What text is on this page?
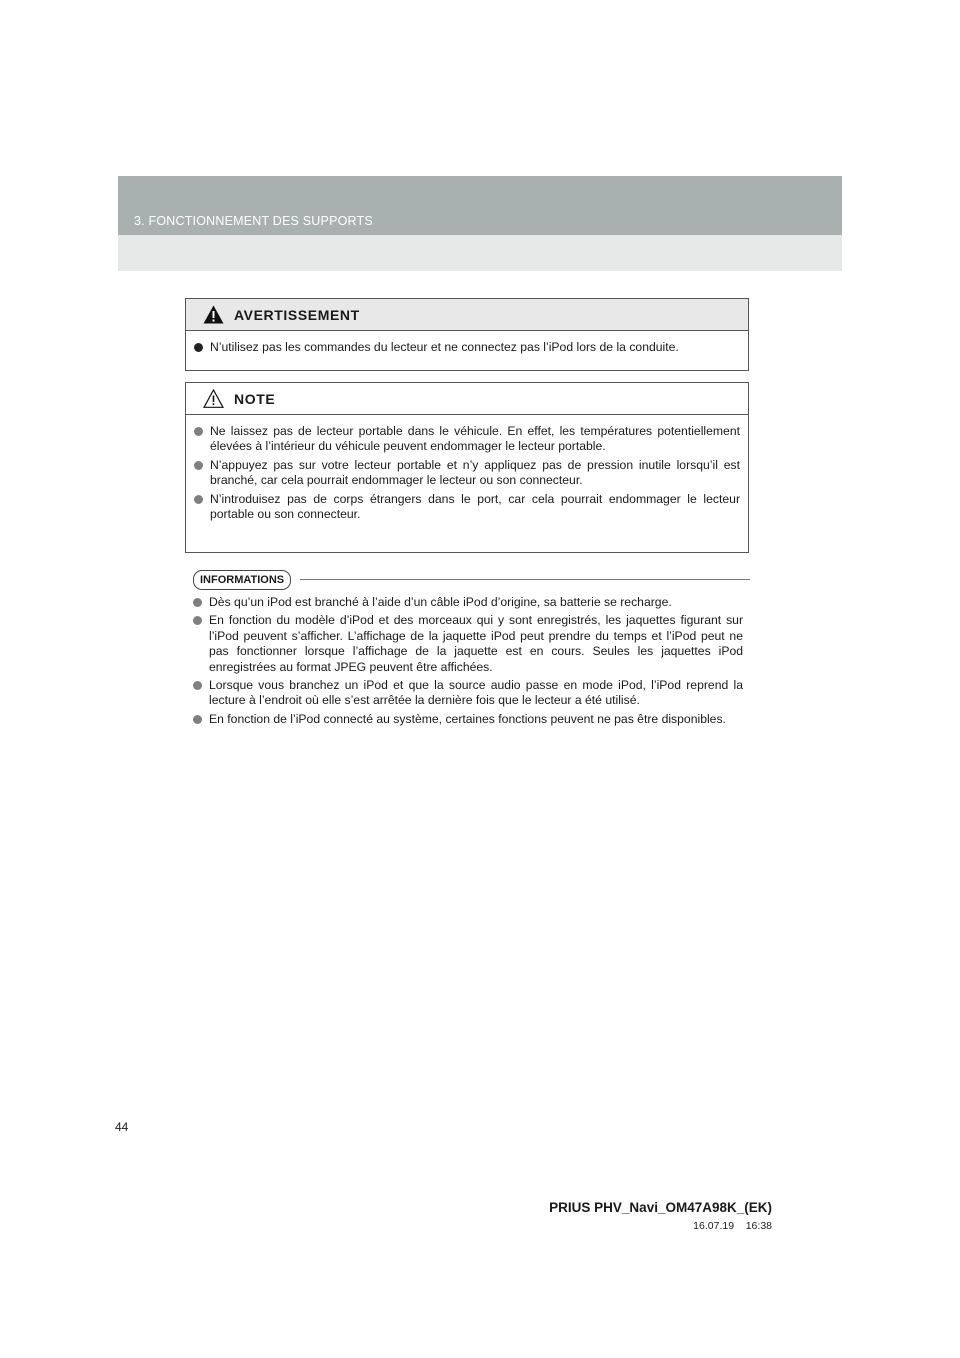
3. FONCTIONNEMENT DES SUPPORTS
AVERTISSEMENT
N’utilisez pas les commandes du lecteur et ne connectez pas l’iPod lors de la conduite.
NOTE
Ne laissez pas de lecteur portable dans le véhicule. En effet, les températures potentiellement élevées à l’intérieur du véhicule peuvent endommager le lecteur portable.
N’appuyez pas sur votre lecteur portable et n’y appliquez pas de pression inutile lorsqu’il est branché, car cela pourrait endommager le lecteur ou son connecteur.
N’introduisez pas de corps étrangers dans le port, car cela pourrait endommager le lecteur portable ou son connecteur.
INFORMATIONS
Dès qu’un iPod est branché à l’aide d’un câble iPod d’origine, sa batterie se recharge.
En fonction du modèle d’iPod et des morceaux qui y sont enregistrés, les jaquettes figurant sur l’iPod peuvent s’afficher. L’affichage de la jaquette iPod peut prendre du temps et l’iPod peut ne pas fonctionner lorsque l’affichage de la jaquette est en cours. Seules les jaquettes iPod enregistrées au format JPEG peuvent être affichées.
Lorsque vous branchez un iPod et que la source audio passe en mode iPod, l’iPod reprend la lecture à l’endroit où elle s’est arrêtée la dernière fois que le lecteur a été utilisé.
En fonction de l’iPod connecté au système, certaines fonctions peuvent ne pas être disponibles.
44
PRIUS PHV_Navi_OM47A98K_(EK)
16.07.19 16:38
